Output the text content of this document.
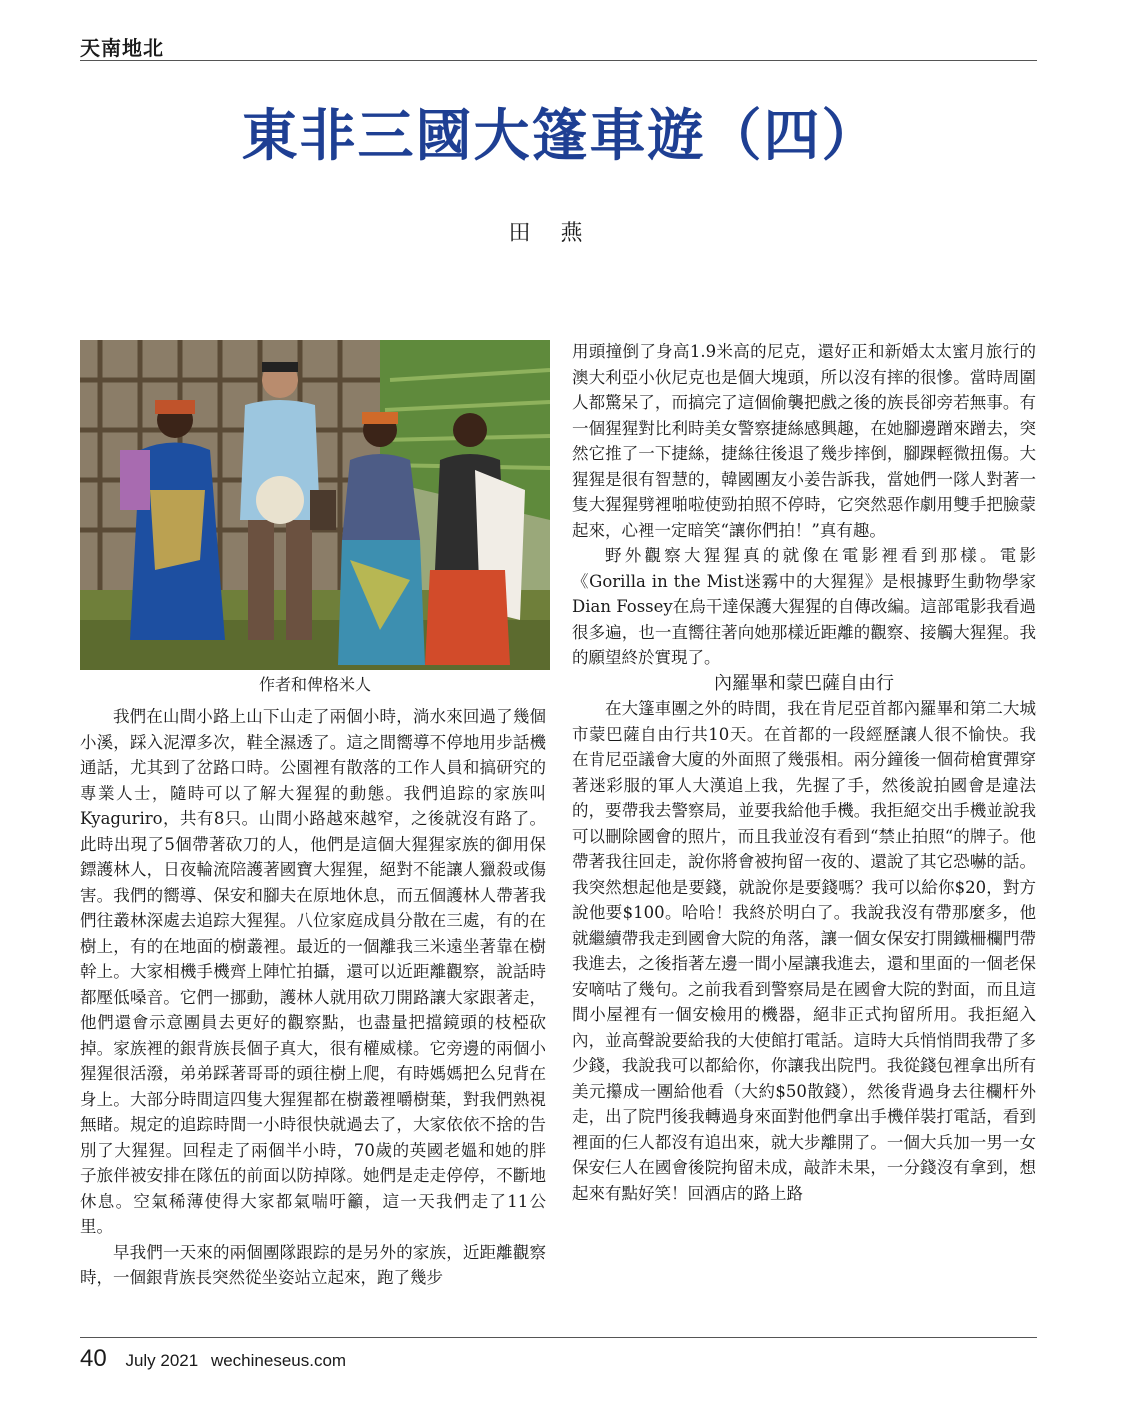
天南地北
東非三國大篷車遊（四）
田燕
作者和俾格米人

我們在山間小路上山下山走了兩個小時，淌水來回過了幾個小溪，踩入泥潭多次，鞋全濕透了。這之間嚮導不停地用步話機通話，尤其到了岔路口時。公園裡有散落的工作人員和搞研究的專業人士，隨時可以了解大猩猩的動態。我們追踪的家族叫Kyaguriro，共有8只。山間小路越來越窄，之後就沒有路了。此時出現了5個帶著砍刀的人，他們是這個大猩猩家族的御用保鏢護林人，日夜輪流陪護著國寶大猩猩，絕對不能讓人獵殺或傷害。我們的嚮導、保安和腳夫在原地休息，而五個護林人帶著我們往叢林深處去追踪大猩猩。八位家庭成員分散在三處，有的在樹上，有的在地面的樹叢裡。最近的一個離我三米遠坐著靠在樹幹上。大家相機手機齊上陣忙拍攝，還可以近距離觀察，說話時都壓低嗓音。它們一挪動，護林人就用砍刀開路讓大家跟著走，他們還會示意團員去更好的觀察點，也盡量把擋鏡頭的枝椏砍掉。家族裡的銀背族長個子真大，很有權威樣。它旁邊的兩個小猩猩很活潑，弟弟踩著哥哥的頭往樹上爬，有時媽媽把么兒背在身上。大部分時間這四隻大猩猩都在樹叢裡嚼樹葉，對我們熟視無睹。規定的追踪時間一小時很快就過去了，大家依依不捨的告別了大猩猩。回程走了兩個半小時，70歲的英國老媼和她的胖子旅伴被安排在隊伍的前面以防掉隊。她們是走走停停，不斷地休息。空氣稀薄使得大家都氣喘吁籲，這一天我們走了11公里。

早我們一天來的兩個團隊跟踪的是另外的家族，近距離觀察時，一個銀背族長突然從坐姿站立起來，跑了幾步

用頭撞倒了身高1.9米高的尼克，還好正和新婚太太蜜月旅行的澳大利亞小伙尼克也是個大塊頭，所以沒有摔的很慘。當時周圍人都驚呆了，而搞完了這個偷襲把戲之後的族長卻旁若無事。有一個猩猩對比利時美女警察捷絲感興趣，在她腳邊蹭來蹭去，突然它推了一下捷絲，捷絲往後退了幾步摔倒，腳踝輕微扭傷。大猩猩是很有智慧的，韓國團友小姜告訴我，當她們一隊人對著一隻大猩猩劈裡啪啦使勁拍照不停時，它突然惡作劇用雙手把臉蒙起來，心裡一定暗笑“讓你們拍！”真有趣。

野外觀察大猩猩真的就像在電影裡看到那樣。電影《Gorilla in the Mist迷霧中的大猩猩》是根據野生動物學家Dian Fossey在烏干達保護大猩猩的自傳改編。這部電影我看過很多遍，也一直嚮往著向她那樣近距離的觀察、接觸大猩猩。我的願望終於實現了。

內羅畢和蒙巴薩自由行

在大篷車團之外的時間，我在肯尼亞首都內羅畢和第二大城市蒙巴薩自由行共10天。在首都的一段經歷讓人很不愉快。我在肯尼亞議會大廈的外面照了幾張相。兩分鐘後一個荷槍實彈穿著迷彩服的軍人大漢追上我，先握了手，然後說拍國會是違法的，要帶我去警察局，並要我給他手機。我拒絕交出手機並說我可以刪除國會的照片，而且我並沒有看到“禁止拍照“的牌子。他帶著我往回走，說你將會被拘留一夜的、還說了其它恐嚇的話。我突然想起他是要錢，就說你是要錢嗎？我可以給你$20，對方說他要$100。哈哈！我終於明白了。我說我沒有帶那麼多，他就繼續帶我走到國會大院的角落，讓一個女保安打開鐵柵欄門帶我進去，之後指著左邊一間小屋讓我進去，還和里面的一個老保安嘀咕了幾句。之前我看到警察局是在國會大院的對面，而且這間小屋裡有一個安檢用的機器，絕非正式拘留所用。我拒絕入內，並高聲說要給我的大使館打電話。這時大兵悄悄問我帶了多少錢，我說我可以都給你，你讓我出院門。我從錢包裡拿出所有美元攥成一團給他看（大約$50散錢），然後背過身去往欄杆外走，出了院門後我轉過身來面對他們拿出手機佯裝打電話，看到裡面的仨人都沒有追出來，就大步離開了。一個大兵加一男一女保安仨人在國會後院拘留未成，敲詐未果，一分錢沒有拿到，想起來有點好笑！回酒店的路上路

40 July 2021 wechineseus.com
